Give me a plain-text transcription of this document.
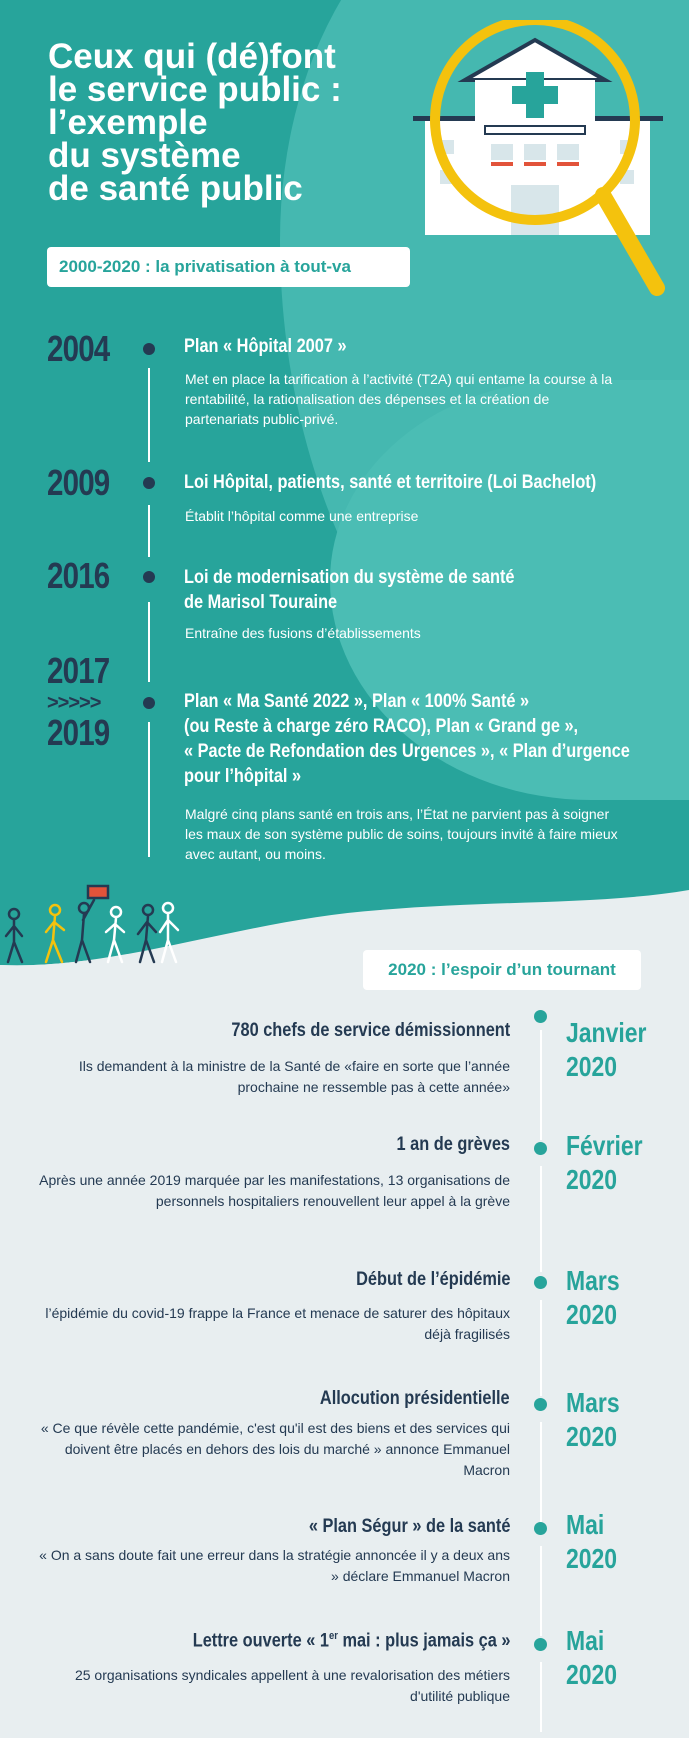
Ceux qui (dé)font
le service public :
l’exemple
du système
de santé public
2000-2020 : la privatisation à tout-va
2004	Plan « Hôpital 2007 »
Met en place la tarification à l’activité (T2A) qui entame la course à la rentabilité, la rationalisation des dépenses et la création de partenariats public-privé.
2009	Loi Hôpital, patients, santé et territoire (Loi Bachelot)
Établit l’hôpital comme une entreprise
2016	Loi de modernisation du système de santé
de Marisol Touraine
Entraîne des fusions d’établissements
2017
>>>>>
2019
Plan « Ma Santé 2022 », Plan « 100% Santé »
(ou Reste à charge zéro RACO), Plan « Grand ge »,
« Pacte de Refondation des Urgences », « Plan d’urgence
pour l’hôpital »
Malgré cinq plans santé en trois ans, l’État ne parvient pas à soigner les maux de son système public de soins, toujours invité à faire mieux avec autant, ou moins.
2020 : l’espoir d’un tournant
780 chefs de service démissionnent
Ils demandent à la ministre de la Santé de «faire en sorte que l’année prochaine ne ressemble pas à cette année»
Janvier
2020
1 an de grèves
Après une année 2019 marquée par les manifestations, 13 organisations de personnels hospitaliers renouvellent leur appel à la grève
Février
2020
Début de l’épidémie
l’épidémie du covid-19 frappe la France et menace de saturer des hôpitaux déjà fragilisés
Mars
2020
Allocution présidentielle
« Ce que révèle cette pandémie, c'est qu'il est des biens et des services qui doivent être placés en dehors des lois du marché » annonce Emmanuel Macron
Mars
2020
« Plan Ségur » de la santé
« On a sans doute fait une erreur dans la stratégie annoncée il y a deux ans » déclare Emmanuel Macron
Mai
2020
Lettre ouverte « 1er mai : plus jamais ça »
25 organisations syndicales appellent à une revalorisation des métiers d'utilité publique
Mai
2020
